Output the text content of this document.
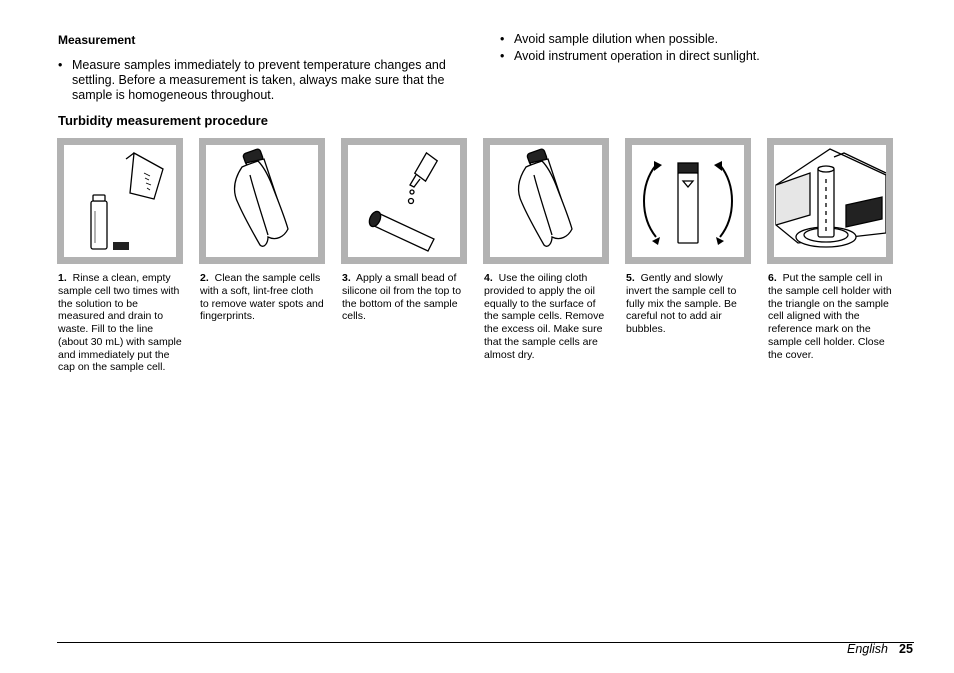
Measurement
• Measure samples immediately to prevent temperature changes and settling. Before a measurement is taken, always make sure that the sample is homogeneous throughout.
• Avoid sample dilution when possible.
• Avoid instrument operation in direct sunlight.
Turbidity measurement procedure
1. Rinse a clean, empty sample cell two times with the solution to be measured and drain to waste. Fill to the line (about 30 mL) with sample and immediately put the cap on the sample cell.
2. Clean the sample cells with a soft, lint-free cloth to remove water spots and fingerprints.
3. Apply a small bead of silicone oil from the top to the bottom of the sample cells.
4. Use the oiling cloth provided to apply the oil equally to the surface of the sample cells. Remove the excess oil. Make sure that the sample cells are almost dry.
5. Gently and slowly invert the sample cell to fully mix the sample. Be careful not to add air bubbles.
6. Put the sample cell in the sample cell holder with the triangle on the sample cell aligned with the reference mark on the sample cell holder. Close the cover.
English 25
